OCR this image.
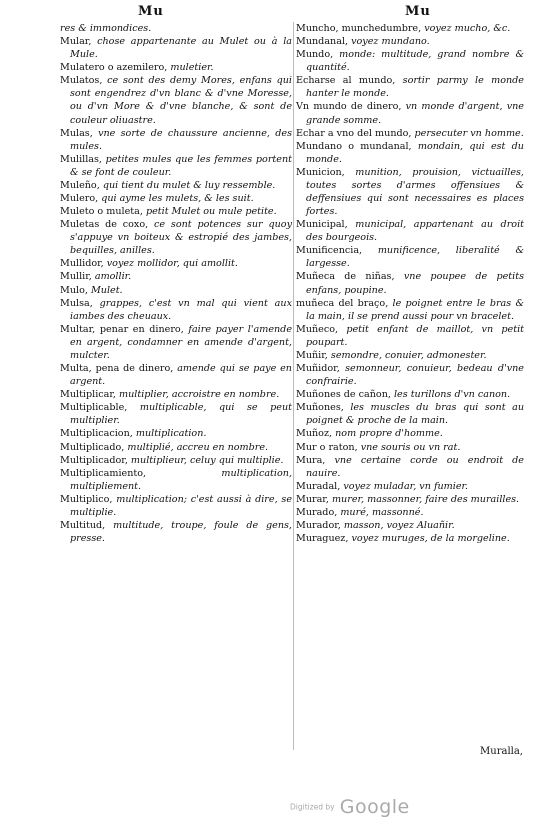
Mu	Mu

res & immondices.

Mular, chose appartenante au Mulet ou à la Mule.

Mulatero o azemilero, muletier.

Mulatos, ce sont des demy Mores, enfans qui sont engendrez d'vn blanc & d'vne Moresse, ou d'vn More & d'vne blanche, & sont de couleur oliuastre.

Mulas, vne sorte de chaussure ancienne, des mules.

Mulillas, petites mules que les femmes portent & se font de couleur.

Muleño, qui tient du mulet & luy ressemble.

Mulero, qui ayme les mulets, & les suit.

Muleto o muleta, petit Mulet ou mule petite.

Muletas de coxo, ce sont potences sur quoy s'appuye vn boiteux & estropié des jambes, bequilles, anilles.

Mullidor, voyez mollidor, qui amollit.

Mullir, amollir.

Mulo, Mulet.

Mulsa, grappes, c'est vn mal qui vient aux iambes des cheuaux.

Multar, penar en dinero, faire payer l'amende en argent, condamner en amende d'argent, mulcter.

Multa, pena de dinero, amende qui se paye en argent.

Multiplicar, multiplier, accroistre en nombre.

Multiplicable, multiplicable, qui se peut multiplier.

Multiplicacion, multiplication.

Multiplicado, multiplié, accreu en nombre.

Multiplicador, multiplieur, celuy qui multiplie.

Multiplicamiento, multiplication, multipliement.

Multiplico, multiplication; c'est aussi à dire, se multiplie.

Multitud, multitude, troupe, foule de gens, presse.

Muncho, munchedumbre, voyez mucho, &c.

Mundanal, voyez mundano.

Mundo, monde: multitude, grand nombre & quantité.

Echarse al mundo, sortir parmy le monde hanter le monde.

Vn mundo de dinero, vn monde d'argent, vne grande somme.

Echar a vno del mundo, persecuter vn homme.

Mundano o mundanal, mondain, qui est du monde.

Municion, munition, prouision, victuailles, toutes sortes d'armes offensiues & deffensiues qui sont necessaires es places fortes.

Municipal, municipal, appartenant au droit des bourgeois.

Munificencia, munificence, liberalité & largesse.

Muñeca de niñas, vne poupee de petits enfans, poupine.

muñeca del braço, le poignet entre le bras & la main, il se prend aussi pour vn bracelet.

Muñeco, petit enfant de maillot, vn petit poupart.

Muñir, semondre, conuier, admonester.

Muñidor, semonneur, conuieur, bedeau d'vne confrairie.

Muñones de cañon, les turillons d'vn canon.

Muñones, les muscles du bras qui sont au poignet & proche de la main.

Muñoz, nom propre d'homme.

Mur o raton, vne souris ou vn rat.

Mura, vne certaine corde ou endroit de nauire.

Muradal, voyez muladar, vn fumier.

Murar, murer, massonner, faire des murailles.

Murado, muré, massonné.

Murador, masson, voyez Aluañir.

Muraguez, voyez muruges, de la morgeline.

Muralla,
Digitized by Google
